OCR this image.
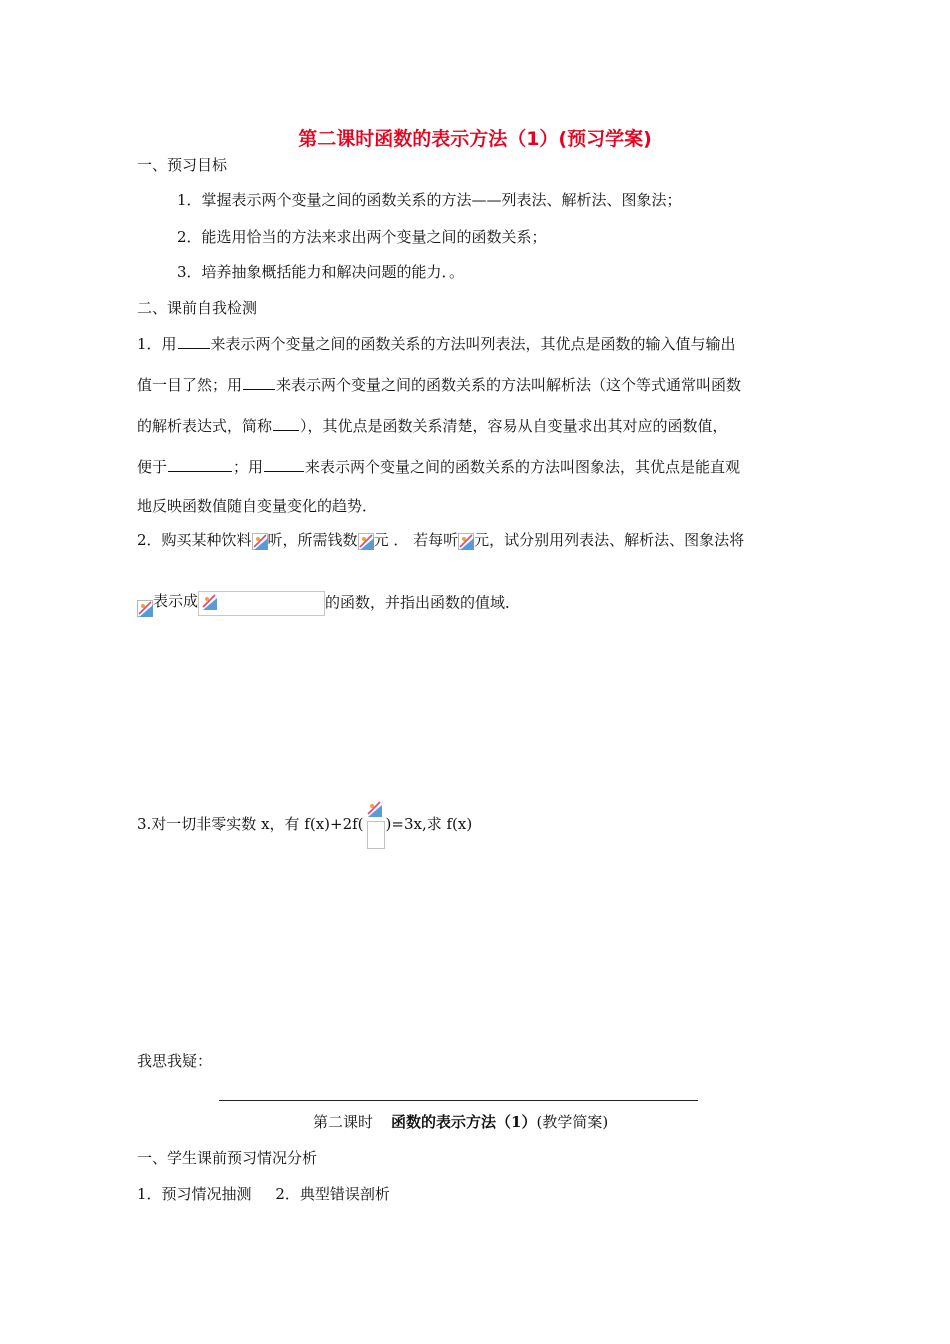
第二课时函数的表示方法（1）(预习学案)
一、预习目标
1．掌握表示两个变量之间的函数关系的方法——列表法、解析法、图象法；
2．能选用恰当的方法来求出两个变量之间的函数关系；
3．培养抽象概括能力和解决问题的能力．。
二、课前自我检测
1．用 来表示两个变量之间的函数关系的方法叫列表法，其优点是函数的输入值与输出
值一目了然；用 来表示两个变量之间的函数关系的方法叫解析法（这个等式通常叫函数
的解析表达式，简称 ），其优点是函数关系清楚，容易从自变量求出其对应的函数值，
便于	；用	来表示两个变量之间的函数关系的方法叫图象法，其优点是能直观
地反映函数值随自变量变化的趋势．
2．购买某种饮料 听，所需钱数 元 ． 若每听 元，试分别用列表法、解析法、图象法将
表示成	的函数，并指出函数的值域．
3.对一切非零实数 x，有 f(x)+2f( )=3x,求 f(x)
我思我疑：
第二课时 函数的表示方法（1）(教学简案)
一、学生课前预习情况分析
1．预习情况抽测     2．典型错误剖析
